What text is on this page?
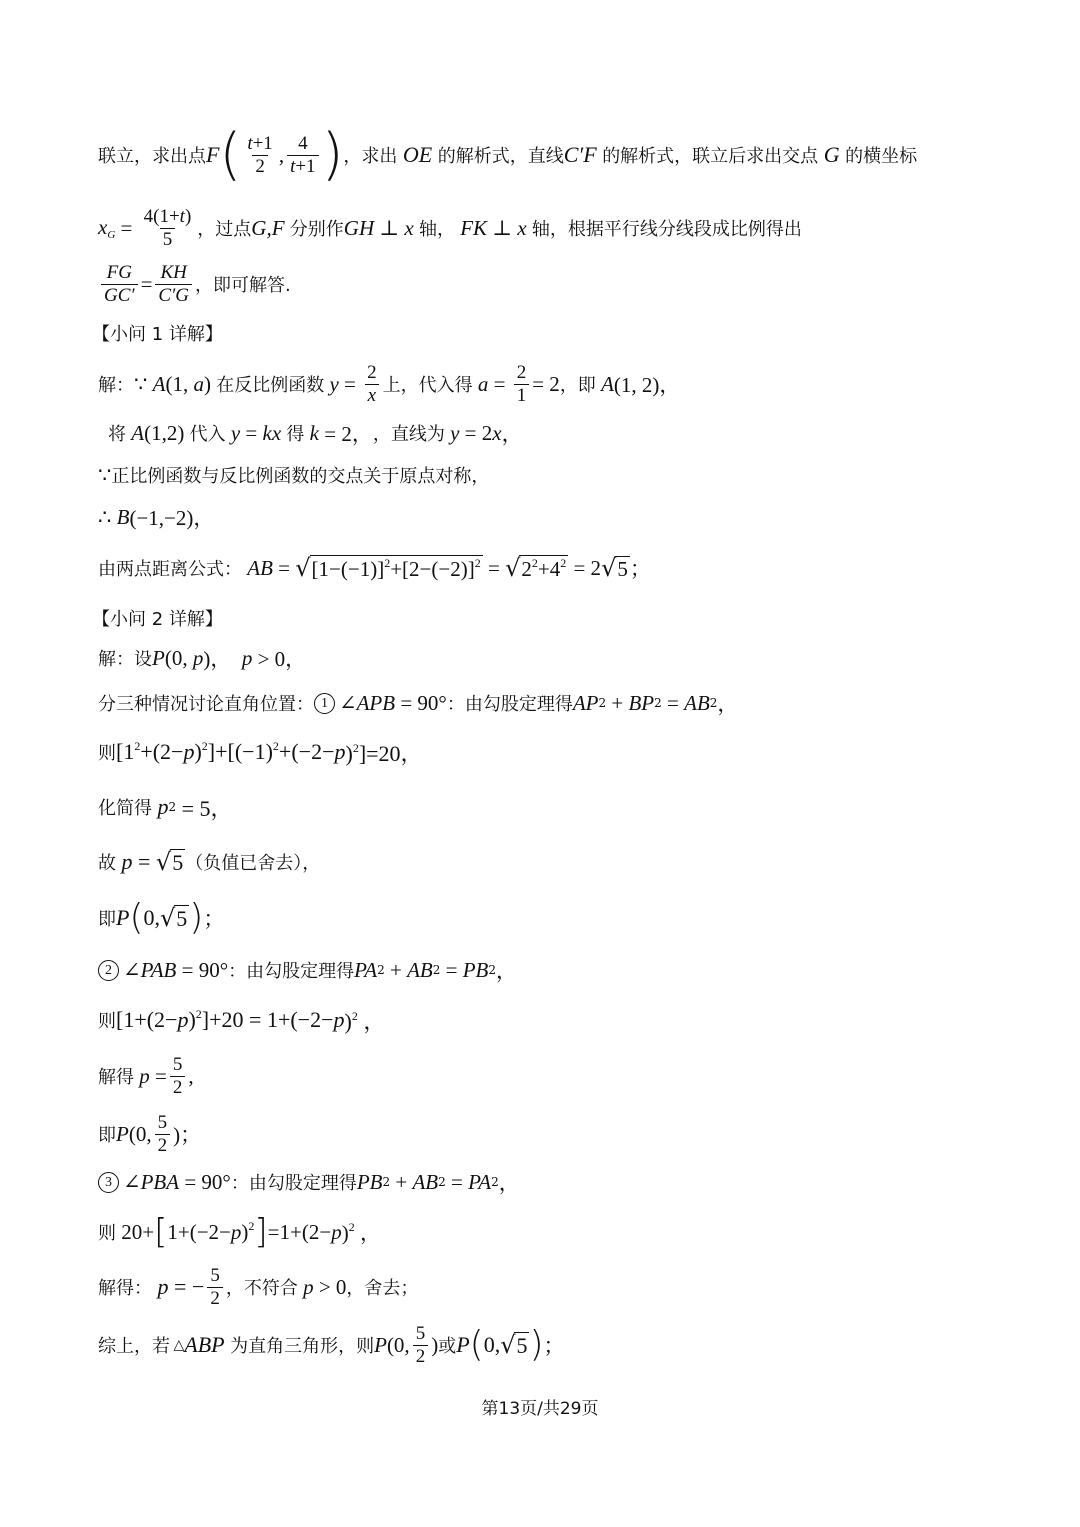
联立，求出点 F ( $\frac{t+1}{2}$ , $\frac{4}{t+1}$ ) ，求出 OE 的解析式，直线 C′F 的解析式，联立后求出交点 G 的横坐标
$x_G = \frac{4(1+t)}{5}$ ，过点 G,F 分别作 GH ⊥ x 轴， FK ⊥ x 轴，根据平行线分线段成比例得出
$\frac{FG}{GC'} = \frac{KH}{C'G}$ ，即可解答.
【小问 1 详解】
解： ∵ A (1, a ) 在反比例函数 $y = \frac{2}{x}$ 上，代入得 $a = \frac{2}{1} = 2$ ，即 A (1, 2)，
将 A (1,2) 代入 y = kx 得 k = 2， ，直线为 y = 2 x ，
∵ 正比例函数与反比例函数的交点关于原点对称，
∴ B (−1,−2)，
由两点距离公式： AB = √ $[1-(-1)]^2+[2-(-2)]^2$ = √ $2^2+4^2 = 2$ √ 5 ；
【小问 2 详解】
解：设 P (0, p )， p > 0，
分三种情况讨论直角位置： 1 ∠ APB = 90° ：由勾股定理得 AP 2 + BP 2 = AB 2 ，
则 [$1^2+(2- p$ )$^2]+[(-1)^2+(-2- p$ )$^2$]=20，
化简得 p 2 = 5，
故 p = √ 5 （负值已舍去），
即 P ( 0, √ 5 ) ；
2 ∠ PAB = 90° ：由勾股定理得 PA 2 + AB 2 = PB 2 ，
则 [1+(2− p )$^2$]+20 = 1+(−2− p )$^2$ ，
解得 $p = \frac{5}{2}$ ,
即 P (0, $\frac{5}{2}$ )；
3 ∠ PBA = 90° ：由勾股定理得 PB 2 + AB 2 = PA 2 ，
则 20+ [ 1+(−2− p )$^2$ ] =1+(2− p )$^2$ ，
解得： p = − $\frac{5}{2}$ ，不符合 p > 0 ，舍去；
综上，若 △ ABP 为直角三角形，则 P (0, $\frac{5}{2}$ ) 或 P ( 0, √ 5 ) ；
第13页/共29页
